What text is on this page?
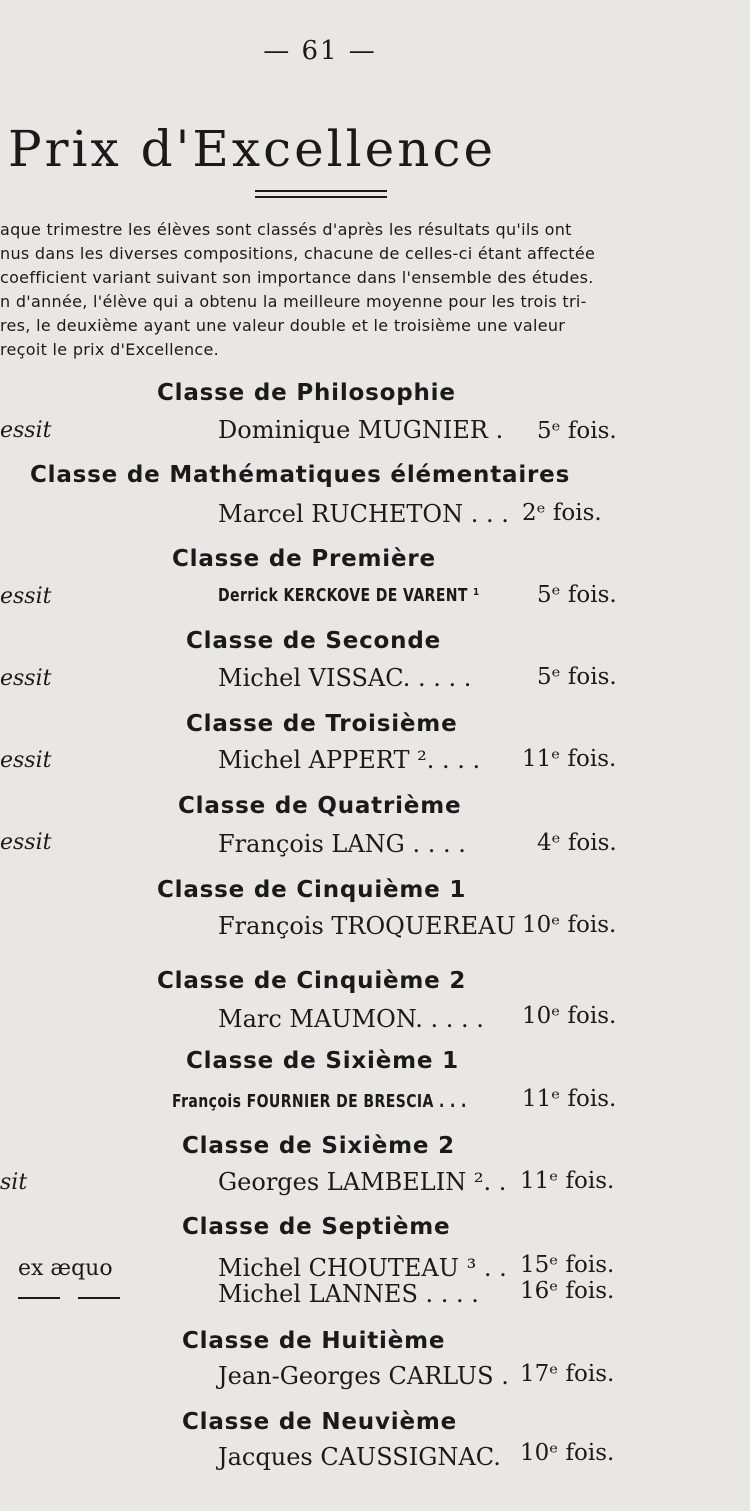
— 61 —
Prix d'Excellence
aque trimestre les élèves sont classés d'après les résultats qu'ils ont
nus dans les diverses compositions, chacune de celles-ci étant affectée
coefficient variant suivant son importance dans l'ensemble des études.
n d'année, l'élève qui a obtenu la meilleure moyenne pour les trois tri-
res, le deuxième ayant une valeur double et le troisième une valeur
reçoit le prix d'Excellence.
Classe de Philosophie
essit	Dominique MUGNIER . 5ᵉ fois.
Classe de Mathématiques élémentaires
Marcel RUCHETON . . . 2ᵉ fois.
Classe de Première
essit	Derrick KERCKOVE DE VARENT ¹ 5ᵉ fois.
Classe de Seconde
essit	Michel VISSAC. . . . .	5ᵉ fois.
Classe de Troisième
essit	Michel APPERT ². . . . 11ᵉ fois.
Classe de Quatrième
essit	François LANG . . . .	4ᵉ fois.
Classe de Cinquième 1
François TROQUEREAU 10ᵉ fois.
Classe de Cinquième 2
Marc MAUMON. . . . . 10ᵉ fois.
Classe de Sixième 1
François FOURNIER DE BRESCIA . . . 11ᵉ fois.
Classe de Sixième 2
sit	Georges LAMBELIN ². . 11ᵉ fois.
Classe de Septième
ex æquo	Michel CHOUTEAU ³ . . 15ᵉ fois.
Michel LANNES . . . . 16ᵉ fois.
Classe de Huitième
Jean-Georges CARLUS . 17ᵉ fois.
Classe de Neuvième
Jacques CAUSSIGNAC. 10ᵉ fois.
